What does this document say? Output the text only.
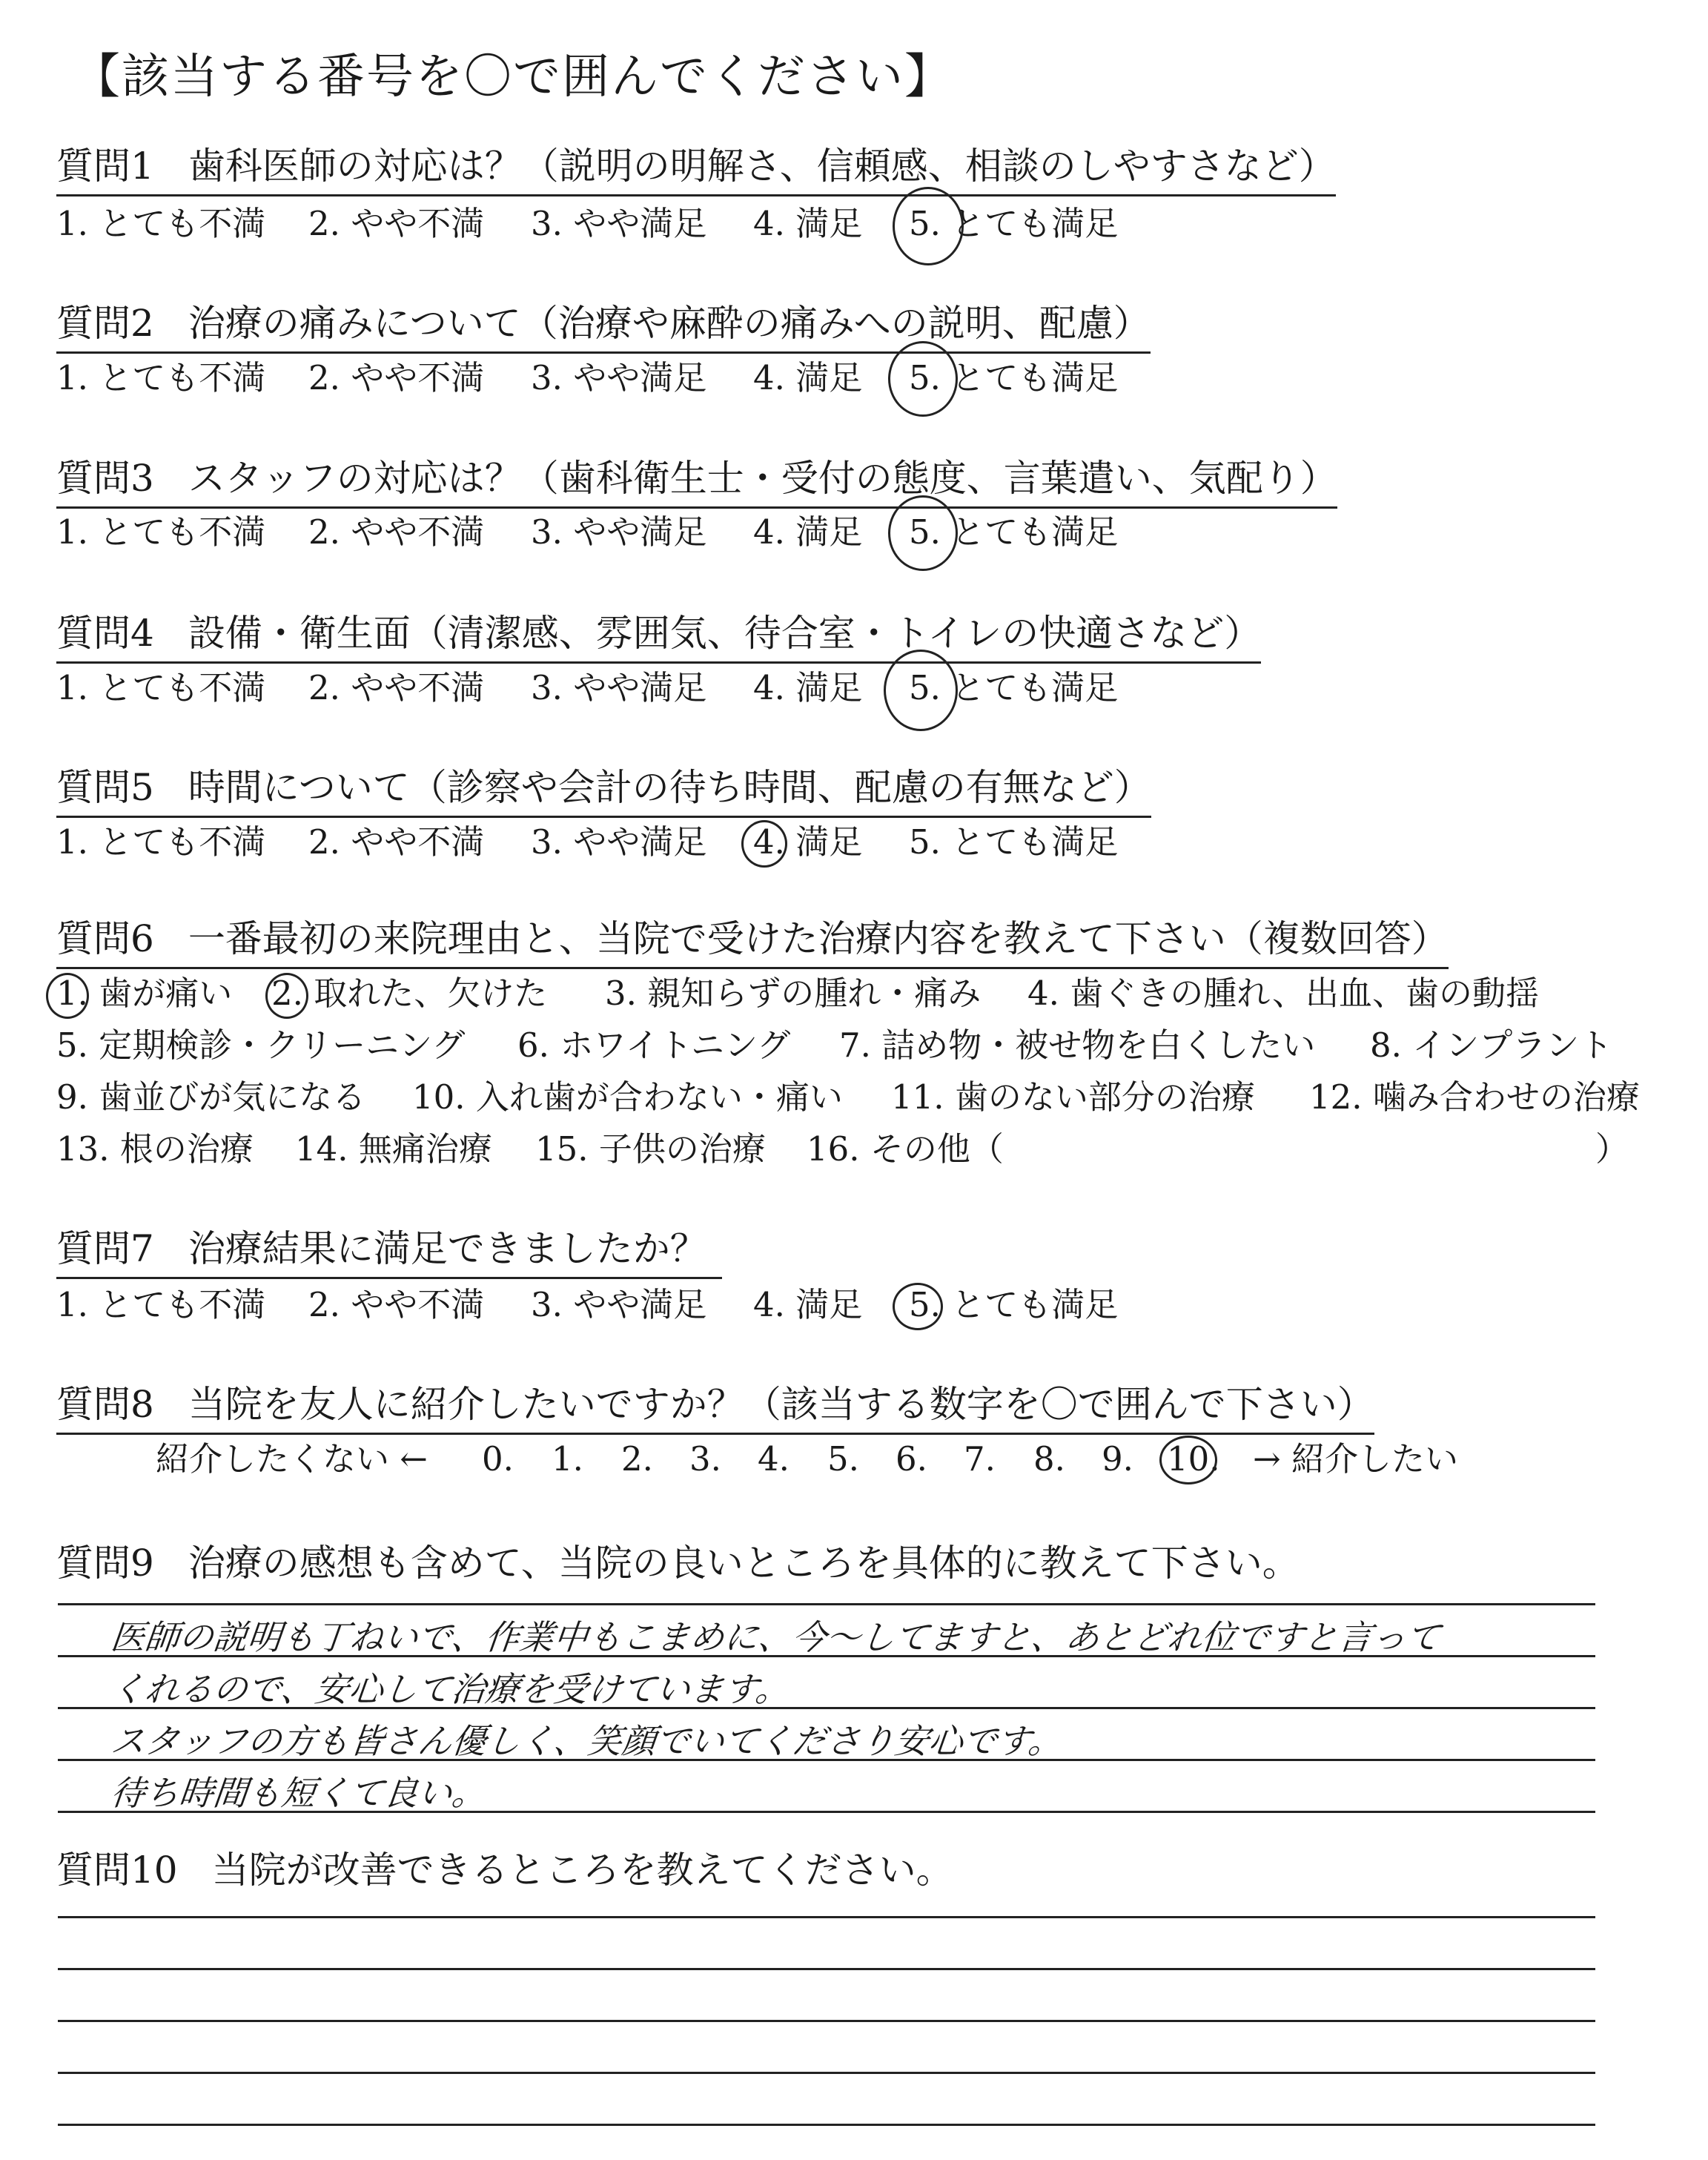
【該当する番号を〇で囲んでください】
質問1 歯科医師の対応は？（説明の明解さ、信頼感、相談のしやすさなど）
1. とても不満 2. やや不満 3. やや満足 4. 満足 5. とても満足
質問2 治療の痛みについて（治療や麻酔の痛みへの説明、配慮）
1. とても不満 2. やや不満 3. やや満足 4. 満足 5. とても満足
質問3 スタッフの対応は？（歯科衛生士・受付の態度、言葉遣い、気配り）
1. とても不満 2. やや不満 3. やや満足 4. 満足 5. とても満足
質問4 設備・衛生面（清潔感、雰囲気、待合室・トイレの快適さなど）
1. とても不満 2. やや不満 3. やや満足 4. 満足 5. とても満足
質問5 時間について（診察や会計の待ち時間、配慮の有無など）
1. とても不満 2. やや不満 3. やや満足 4. 満足 5. とても満足
質問6 一番最初の来院理由と、当院で受けた治療内容を教えて下さい（複数回答）
1. 歯が痛い 2. 取れた、欠けた 3. 親知らずの腫れ・痛み 4. 歯ぐきの腫れ、出血、歯の動揺
5. 定期検診・クリーニング 6. ホワイトニング 7. 詰め物・被せ物を白くしたい 8. インプラント
9. 歯並びが気になる 10. 入れ歯が合わない・痛い 11. 歯のない部分の治療 12. 噛み合わせの治療
13. 根の治療 14. 無痛治療 15. 子供の治療 16. その他（	）
質問7 治療結果に満足できましたか？
1. とても不満 2. やや不満 3. やや満足 4. 満足 5. とても満足
質問8 当院を友人に紹介したいですか？（該当する数字を〇で囲んで下さい）
紹介したくない ← 0. 1. 2. 3. 4. 5. 6. 7. 8. 9. 10. → 紹介したい
質問9 治療の感想も含めて、当院の良いところを具体的に教えて下さい。
医師の説明も丁ねいで、作業中もこまめに、今〜してますと、あとどれ位ですと言って
くれるので、安心して治療を受けています。
スタッフの方も皆さん優しく、笑顔でいてくださり安心です。
待ち時間も短くて良い。
質問10 当院が改善できるところを教えてください。
